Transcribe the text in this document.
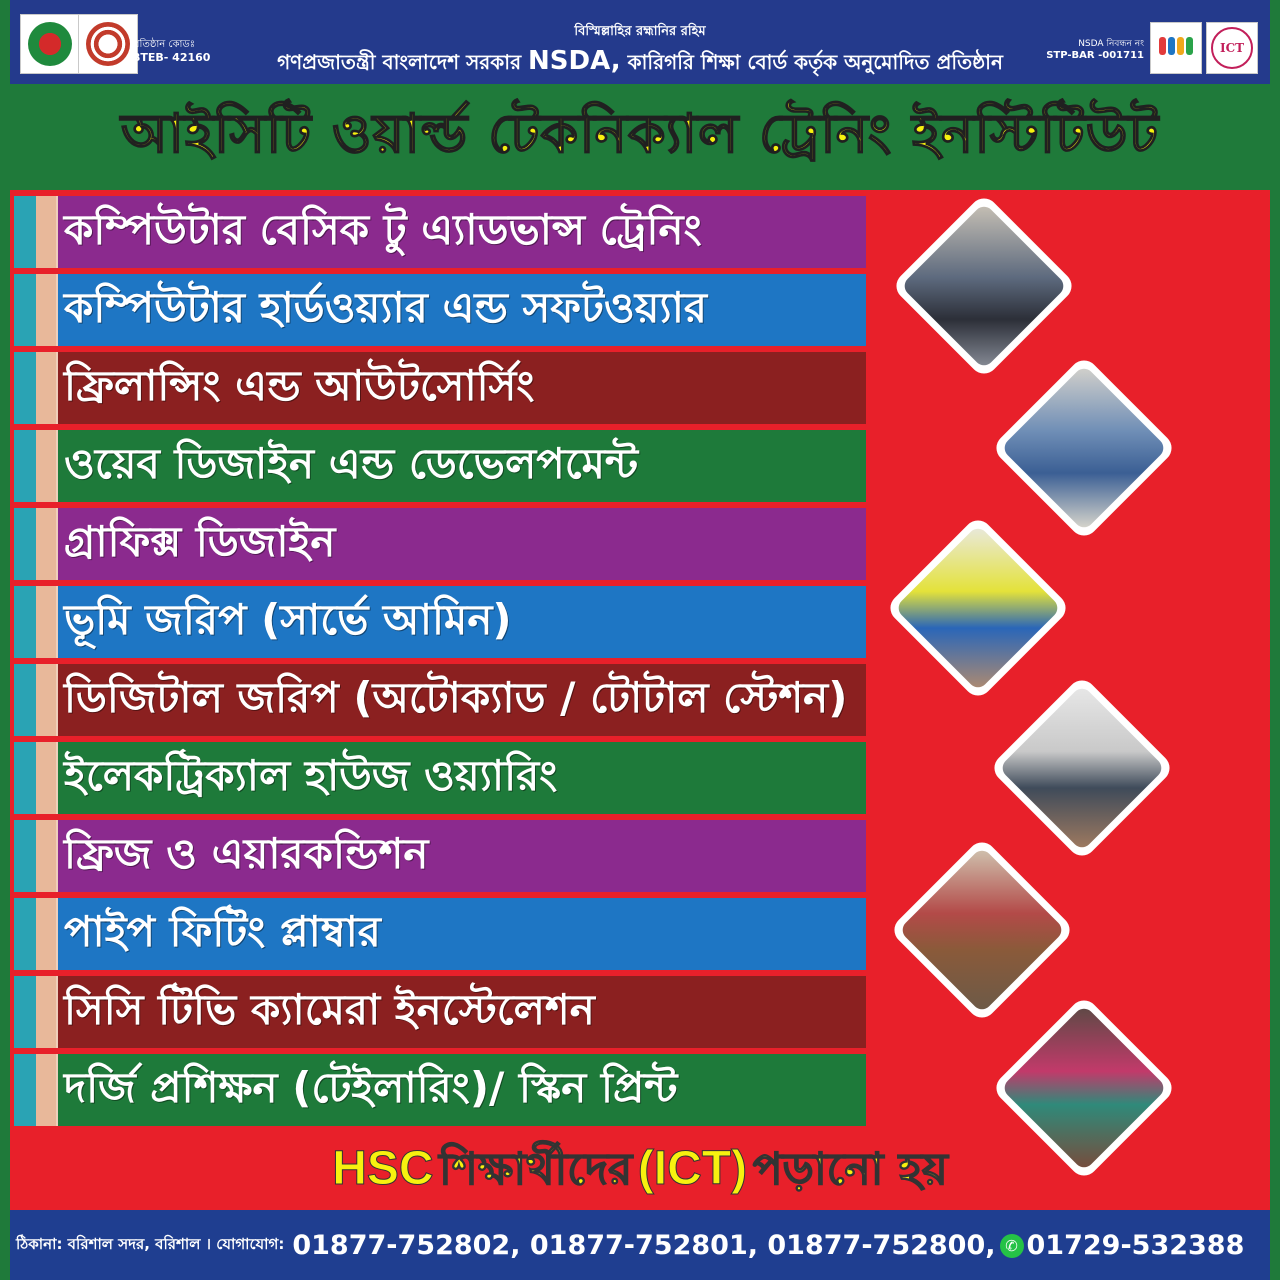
প্রতিষ্ঠান কোডঃ
BTEB- 42160
বিস্মিল্লাহির রহ্মানির রহিম
গণপ্রজাতন্ত্রী বাংলাদেশ সরকার NSDA, কারিগরি শিক্ষা বোর্ড কর্তৃক অনুমোদিত প্রতিষ্ঠান
NSDA নিবন্ধন নং
STP-BAR -001711
ICT
আইসিটি ওয়ার্ল্ড টেকনিক্যাল ট্রেনিং ইনস্টিটিউট
কম্পিউটার বেসিক টু এ্যাডভান্স ট্রেনিং
কম্পিউটার হার্ডওয়্যার এন্ড সফটওয়্যার
ফ্রিলান্সিং এন্ড আউটসোর্সিং
ওয়েব ডিজাইন এন্ড ডেভেলপমেন্ট
গ্রাফিক্স ডিজাইন
ভূমি জরিপ (সার্ভে আমিন)
ডিজিটাল জরিপ (অটোক্যাড / টোটাল স্টেশন)
ইলেকট্রিক্যাল হাউজ ওয়্যারিং
ফ্রিজ ও এয়ারকন্ডিশন
পাইপ ফিটিং প্লাম্বার
সিসি টিভি ক্যামেরা ইনস্টেলেশন
দর্জি প্রশিক্ষন (টেইলারিং)/ স্কিন প্রিন্ট
HSC শিক্ষার্থীদের (ICT) পড়ানো হয়
ঠিকানা: বরিশাল সদর, বরিশাল । যোগাযোগ: 01877-752802, 01877-752801, 01877-752800, ✆ 01729-532388
